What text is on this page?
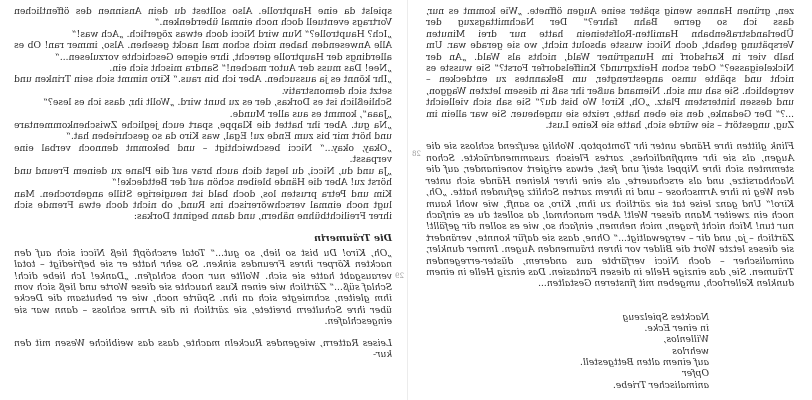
zen, grünen Hannes wenig später seine Augen öffnete. „Wie kommt es nur, dass ich so gerne Bahn fahre?“ Der Nachmittagszug der Überlandstraßenbahn Hamilten-Rolfsteinein hatte nur drei Minuten Verspätung gehabt, doch Nicci wusste absolut nicht, wo sie gerade war. Um halb vier in Karlsdorf im Hunsgrüner Wald, nichts als Wald. „An der Nickeleigasse?“ Oder schon Heitzgrund? Kniffelsdorfer Forst?“ Sie wusste es nicht und spähte umso angestrengter, um Bekanntes zu entdecken – vergeblich. Sie sah um sich. Niemand außer ihr saß in diesem letzten Waggon, und dessen hinterstem Platz. „Oh, Kiro! Wo bist du?“ Sie sah sich vielleicht ...?“ Der Gedanke, den sie eben hatte, reizte sie ungeheuer. Sie war allein im Zug, ungestört – sie würde sich, hatte sie Keine Lust.

Flink glitten ihre Hände unter ihr Tomtoptop. Wohlig seufzend schloss sie die Augen, als sie ihr empfindliches, zartes Fleisch zusammendrückte. Schon stemmten sich ihre Nippel steif und fest, etwas erigiert voneinander, auf die Nachbarsitze, und als erschauerte, als eine ihrer kleinen Hände sich unter den Weg in ihre Armschose – und in ihrem zarten Schlitz gefunden hatte. „Oh, Kiro!“ Und ganz leise tat sie zärtlich zu ihm, Kiro, so sanft, wie wohl kaum noch ein zweiter Mann dieser Welt! Aber manchmal, da sollest du es einfach nur tun! Mich nicht fragen, mich nehmen, einfach so, wie es sollen dir gefällt! Zärtlich – ja, und dir – vergewaltigt...“ Ohne, dass sie dafür konnte, verändert sie dieses letzte Wort die Bilder vor ihren träumenden Augen. Immer dunkler, animalischer – doch Nicci verfärbte aus anderem, düster-erregenden Träumen. Sie, das einzige Helle in diesen Fantasien. Das einzig Helle in einem dunklen Kellerloch, umgeben mit finsteren Gestalten...

Nacktes Spielzeug
in einer Ecke.
Willenlos,
wehrlos
auf einem alten Bettgestell.
Opfer
animalischer Triebe.
28

spielst da eine Hauptrolle. Also solltest du dein Ansinnen des öffentlichen Vortrags eventuell doch noch einmal überdenken.“

„Ich? Hauptrolle?“ Nun wird Nicci doch etwas zögerlich. „Ach was!“

Alle Anwesenden haben mich schon mal nackt gesehen. Also, immer ran! Ob es allerdings der Hauptrolle gerecht, ihre eigene Geschichte vorzulesen...“

„Nee! Das muss der Autor machen!“ Sandra mischt sich ein.

„Ihr könnt es ja aussuchen. Aber ich bin raus.“ Kiro nimmt sich sein Trinken und setzt sich demonstrativ.

Schließlich ist es Dorkas, der es zu bunt wird. „Wollt ihr, dass ich es lese?“

„Jaaa“, kommt es aus aller Munde.

„Na gut. Aber ihr hattet die Klappe, spart euch jegliche Zwischenkommentare und hört mir bis zum Ende zu! Egal, was Kiro da so geschrieben hat.“

„Okay, okay...“ Nicci beschwichtigt – und bekommt dennoch verbal eine verpasst.

„Ja und du, Nicci, du legst dich auch brav auf die Plane zu deinem Freund und hörst zu! Aber die Hände bleiben schön auf der Bettdecke!“

Kim und Petra prusten los, doch bald ist neugierige Stille angebrochen. Man lugt noch einmal verschwörerisch ins Rund, ob nicht doch etwa Fremde sich ihrer Freilichtbühne nähern, und dann beginnt Dorkas:

Die Träumerin

„Oh, Kiro! Du bist so lieb, so gut...“ Total erschöpft ließ Nicci sich auf den nackten Körper ihres Freundes sinken. So sehr hatte er sie befriedigt – total verausgabt hatte sie sich. Wollte nur noch schlafen. „Danke! Ich liebe dich! Schlaf süß...“ Zärtlich wie einen Kuss hauchte sie diese Worte und ließ sich vom ihm gleiten, schmiegte sich an ihn. Spürte noch, wie er behutsam die Decke über ihre Schultern breitete, sie zärtlich in die Arme schloss – dann war sie eingeschlafen.

Leises Rattern, wiegendes Ruckeln machte, dass das weibliche Wesen mit den kur-

29
